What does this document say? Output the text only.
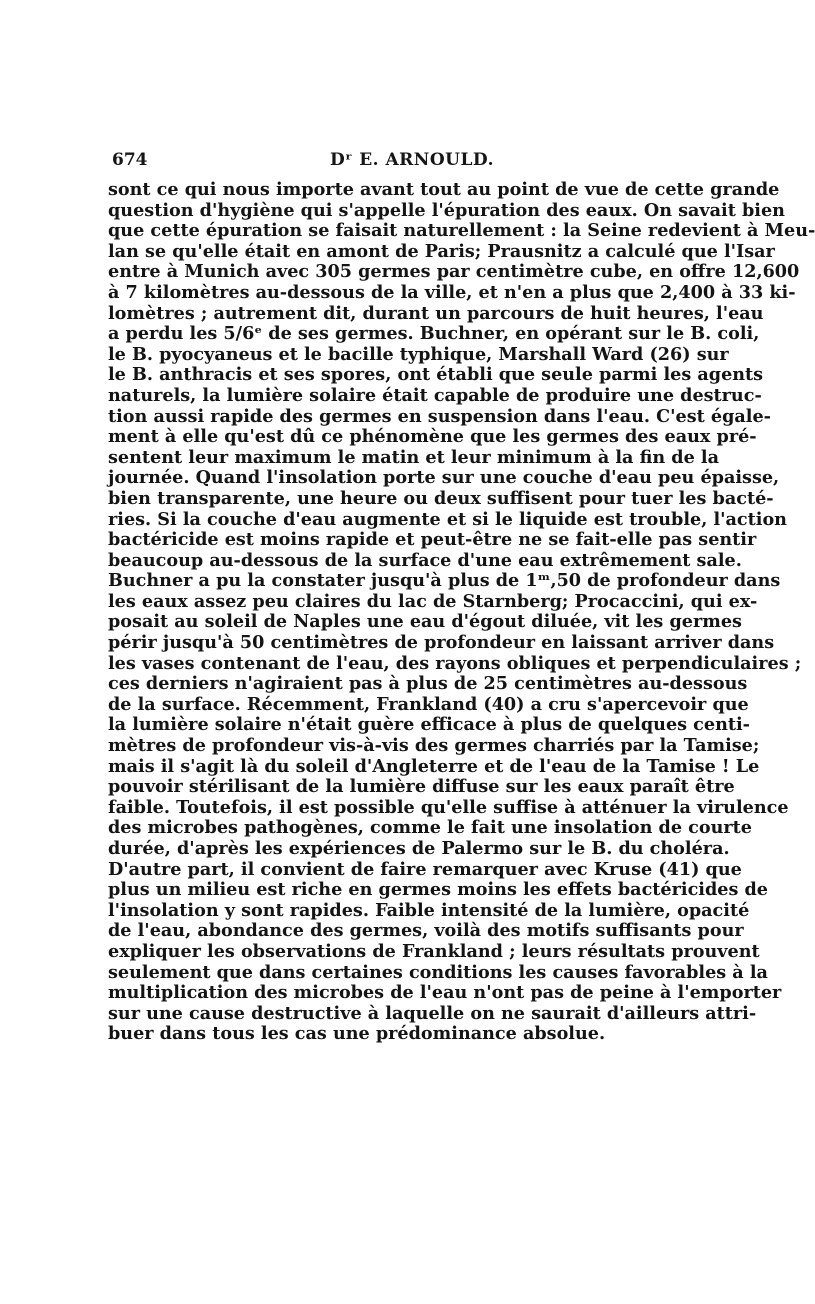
674	Dʳ E. ARNOULD.
sont ce qui nous importe avant tout au point de vue de cette grande
question d'hygiène qui s'appelle l'épuration des eaux. On savait bien
que cette épuration se faisait naturellement : la Seine redevient à Meu-
lan se qu'elle était en amont de Paris; Prausnitz a calculé que l'Isar
entre à Munich avec 305 germes par centimètre cube, en offre 12,600
à 7 kilomètres au-dessous de la ville, et n'en a plus que 2,400 à 33 ki-
lomètres ; autrement dit, durant un parcours de huit heures, l'eau
a perdu les 5/6ᵉ de ses germes. Buchner, en opérant sur le B. coli,
le B. pyocyaneus et le bacille typhique, Marshall Ward (26) sur
le B. anthracis et ses spores, ont établi que seule parmi les agents
naturels, la lumière solaire était capable de produire une destruc-
tion aussi rapide des germes en suspension dans l'eau. C'est égale-
ment à elle qu'est dû ce phénomène que les germes des eaux pré-
sentent leur maximum le matin et leur minimum à la fin de la
journée. Quand l'insolation porte sur une couche d'eau peu épaisse,
bien transparente, une heure ou deux suffisent pour tuer les bacté-
ries. Si la couche d'eau augmente et si le liquide est trouble, l'action
bactéricide est moins rapide et peut-être ne se fait-elle pas sentir
beaucoup au-dessous de la surface d'une eau extrêmement sale.
Buchner a pu la constater jusqu'à plus de 1ᵐ,50 de profondeur dans
les eaux assez peu claires du lac de Starnberg; Procaccini, qui ex-
posait au soleil de Naples une eau d'égout diluée, vit les germes
périr jusqu'à 50 centimètres de profondeur en laissant arriver dans
les vases contenant de l'eau, des rayons obliques et perpendiculaires ;
ces derniers n'agiraient pas à plus de 25 centimètres au-dessous
de la surface. Récemment, Frankland (40) a cru s'apercevoir que
la lumière solaire n'était guère efficace à plus de quelques centi-
mètres de profondeur vis-à-vis des germes charriés par la Tamise;
mais il s'agit là du soleil d'Angleterre et de l'eau de la Tamise ! Le
pouvoir stérilisant de la lumière diffuse sur les eaux paraît être
faible. Toutefois, il est possible qu'elle suffise à atténuer la virulence
des microbes pathogènes, comme le fait une insolation de courte
durée, d'après les expériences de Palermo sur le B. du choléra.
D'autre part, il convient de faire remarquer avec Kruse (41) que
plus un milieu est riche en germes moins les effets bactéricides de
l'insolation y sont rapides. Faible intensité de la lumière, opacité
de l'eau, abondance des germes, voilà des motifs suffisants pour
expliquer les observations de Frankland ; leurs résultats prouvent
seulement que dans certaines conditions les causes favorables à la
multiplication des microbes de l'eau n'ont pas de peine à l'emporter
sur une cause destructive à laquelle on ne saurait d'ailleurs attri-
buer dans tous les cas une prédominance absolue.
